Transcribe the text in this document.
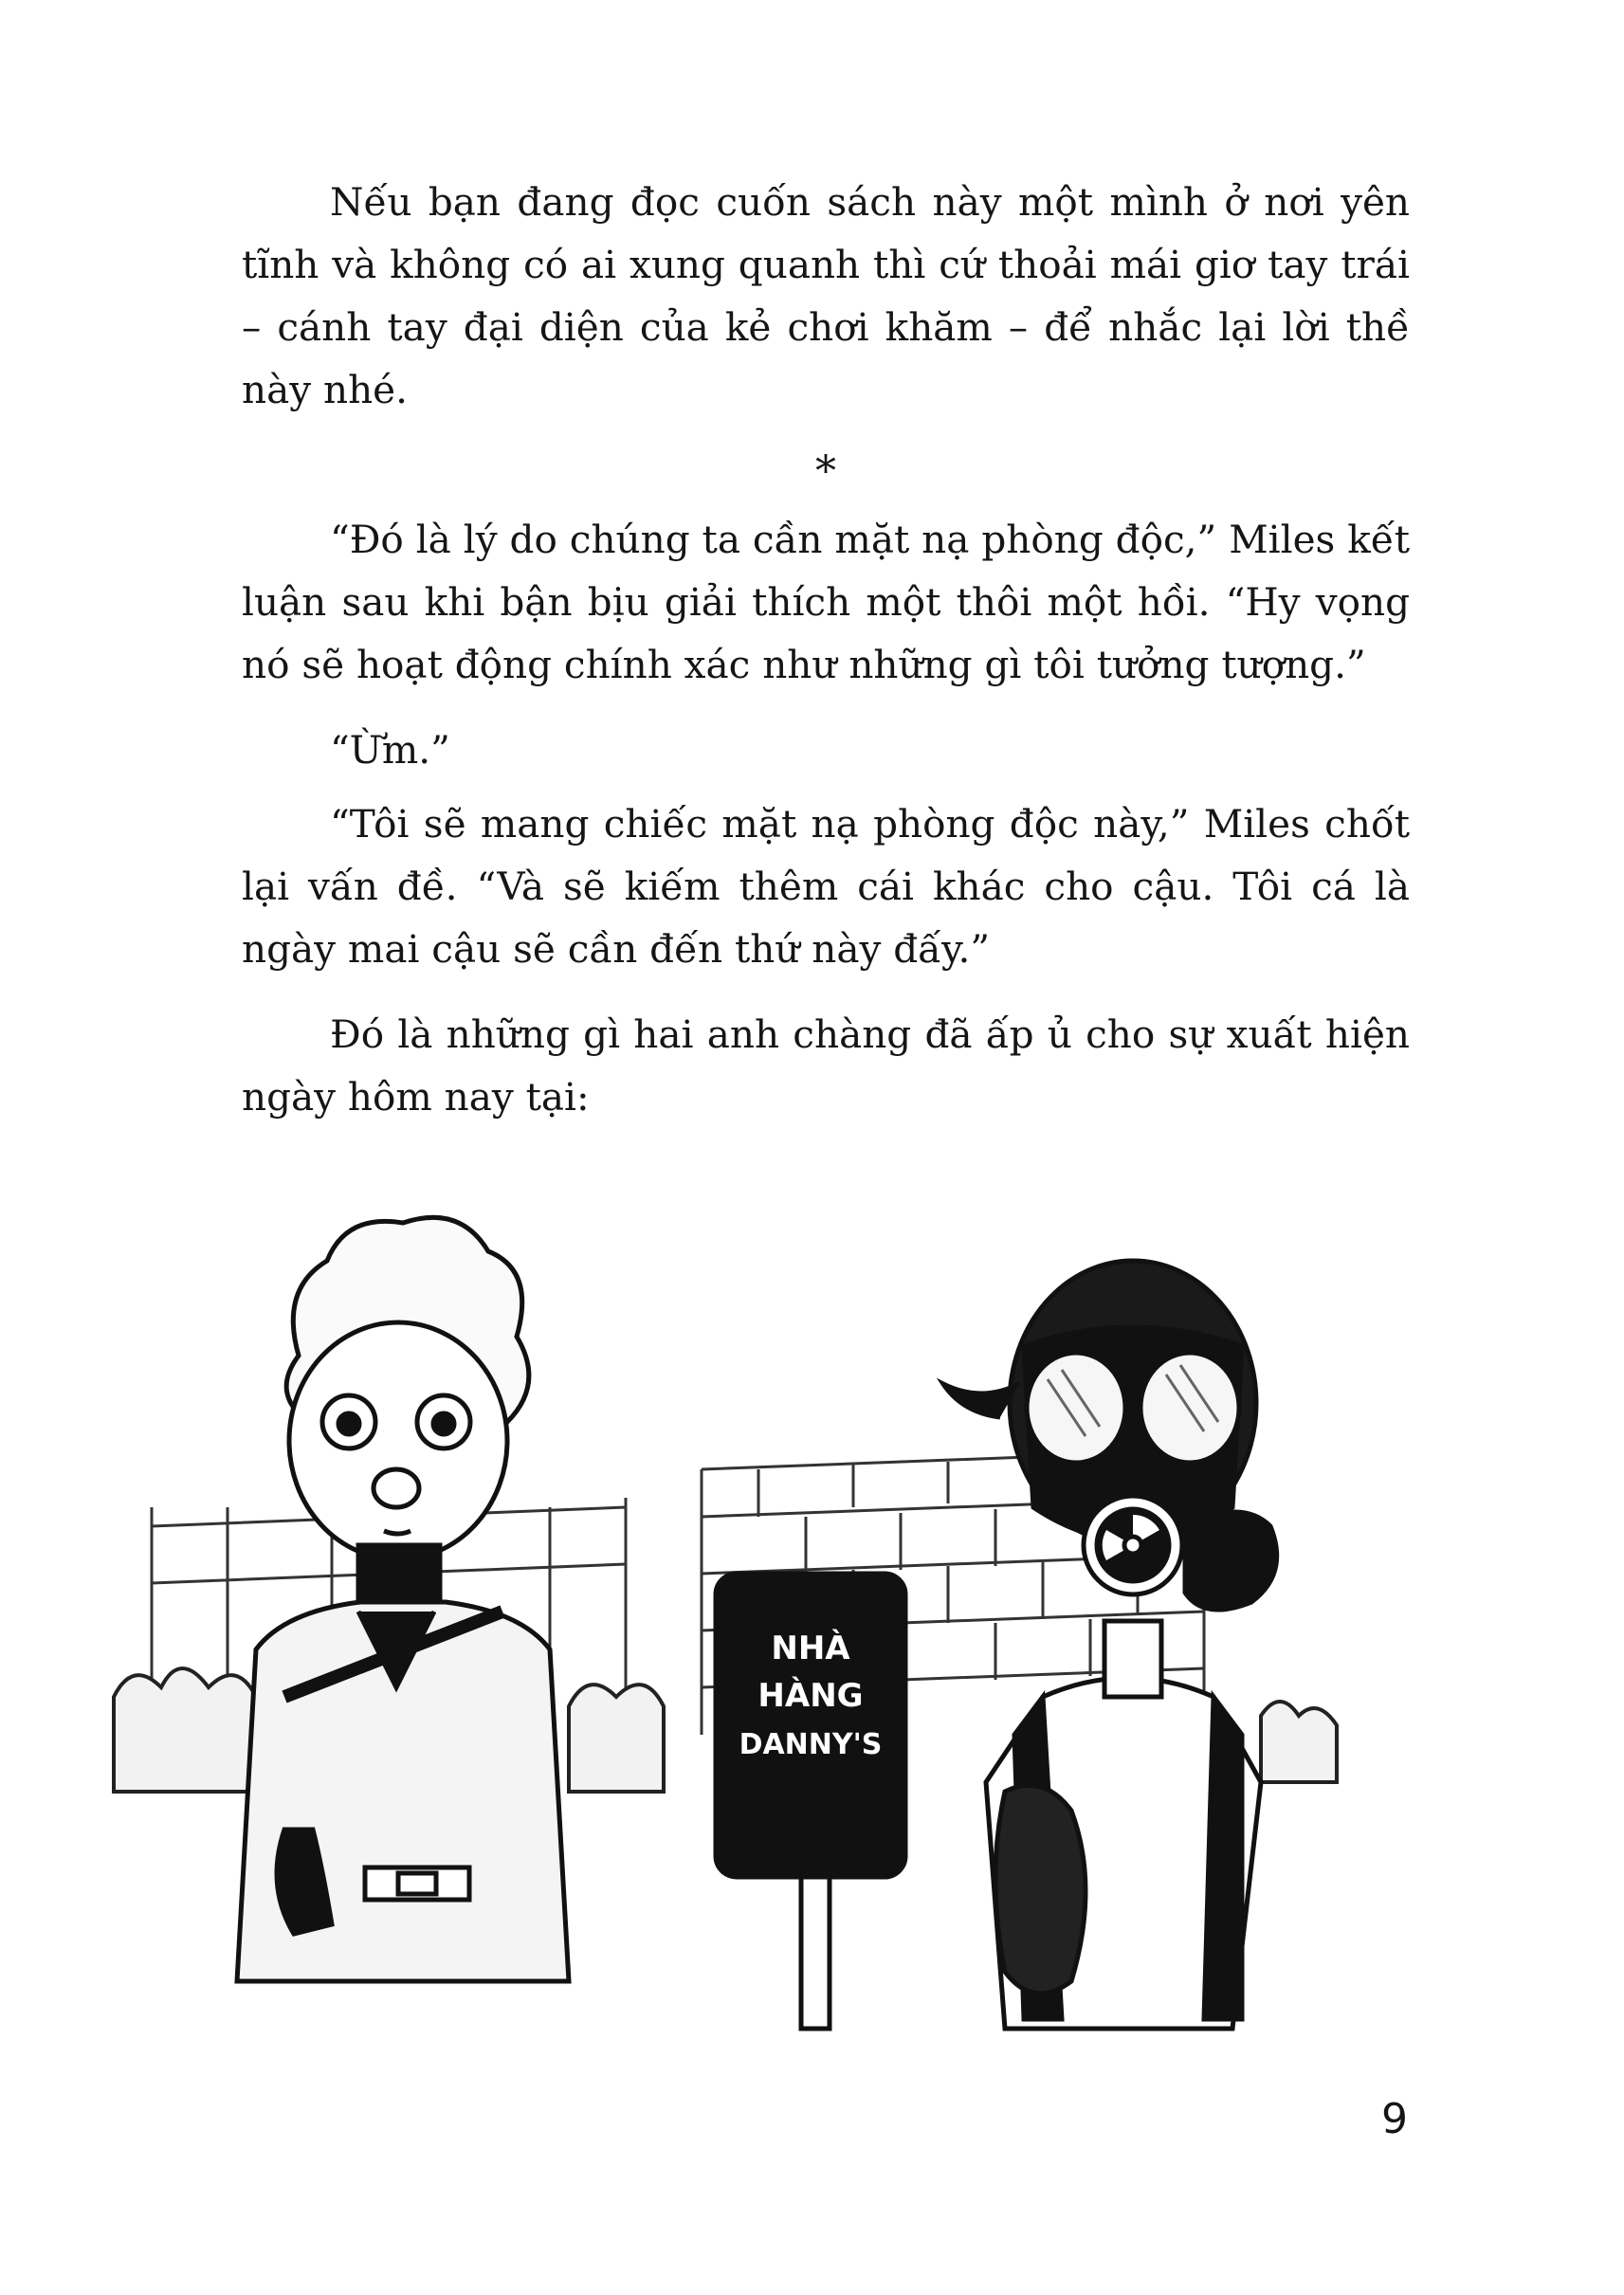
Nếu bạn đang đọc cuốn sách này một mình ở nơi yên tĩnh và không có ai xung quanh thì cứ thoải mái giơ tay trái – cánh tay đại diện của kẻ chơi khăm – để nhắc lại lời thề này nhé.

*

“Đó là lý do chúng ta cần mặt nạ phòng độc,” Miles kết luận sau khi bận bịu giải thích một thôi một hồi. “Hy vọng nó sẽ hoạt động chính xác như những gì tôi tưởng tượng.”

“Ừm.”

“Tôi sẽ mang chiếc mặt nạ phòng độc này,” Miles chốt lại vấn đề. “Và sẽ kiếm thêm cái khác cho cậu. Tôi cá là ngày mai cậu sẽ cần đến thứ này đấy.”

Đó là những gì hai anh chàng đã ấp ủ cho sự xuất hiện ngày hôm nay tại:

NHÀ
HÀNG
DANNY'S
9
